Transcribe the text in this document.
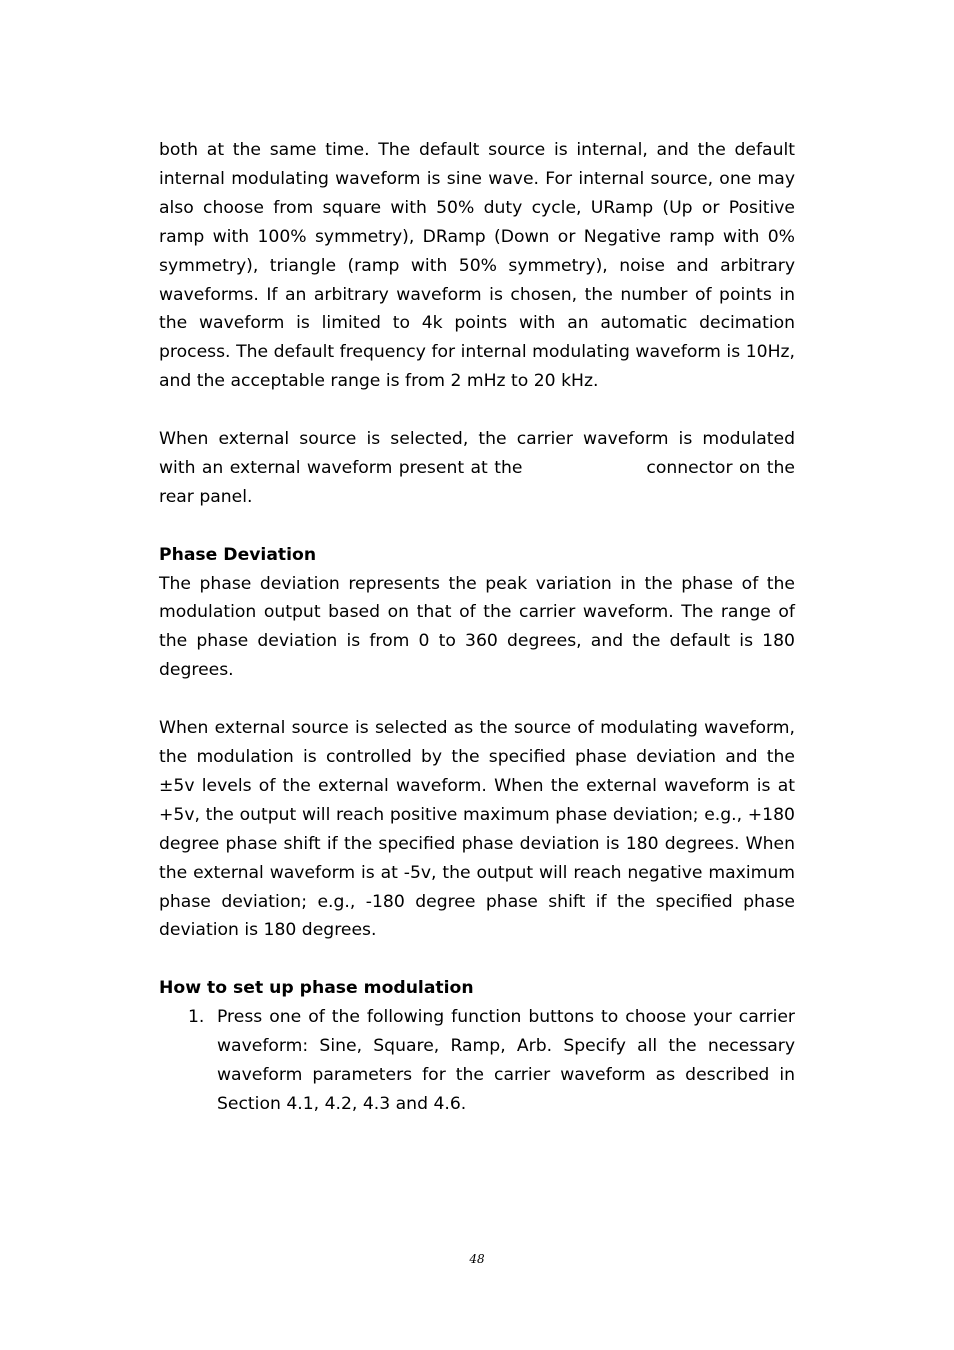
both at the same time. The default source is internal, and the default internal modulating waveform is sine wave. For internal source, one may also choose from square with 50% duty cycle, URamp (Up or Positive ramp with 100% symmetry), DRamp (Down or Negative ramp with 0% symmetry), triangle (ramp with 50% symmetry), noise and arbitrary waveforms. If an arbitrary waveform is chosen, the number of points in the waveform is limited to 4k points with an automatic decimation process. The default frequency for internal modulating waveform is 10Hz, and the acceptable range is from 2 mHz to 20 kHz.

When external source is selected, the carrier waveform is modulated with an external waveform present at the	connector on the rear panel.

Phase Deviation

The phase deviation represents the peak variation in the phase of the modulation output based on that of the carrier waveform. The range of the phase deviation is from 0 to 360 degrees, and the default is 180 degrees.

When external source is selected as the source of modulating waveform, the modulation is controlled by the specified phase deviation and the ±5v levels of the external waveform. When the external waveform is at +5v, the output will reach positive maximum phase deviation; e.g., +180 degree phase shift if the specified phase deviation is 180 degrees. When the external waveform is at -5v, the output will reach negative maximum phase deviation; e.g., -180 degree phase shift if the specified phase deviation is 180 degrees.

How to set up phase modulation
1. Press one of the following function buttons to choose your carrier waveform: Sine, Square, Ramp, Arb. Specify all the necessary waveform parameters for the carrier waveform as described in Section 4.1, 4.2, 4.3 and 4.6.
48
